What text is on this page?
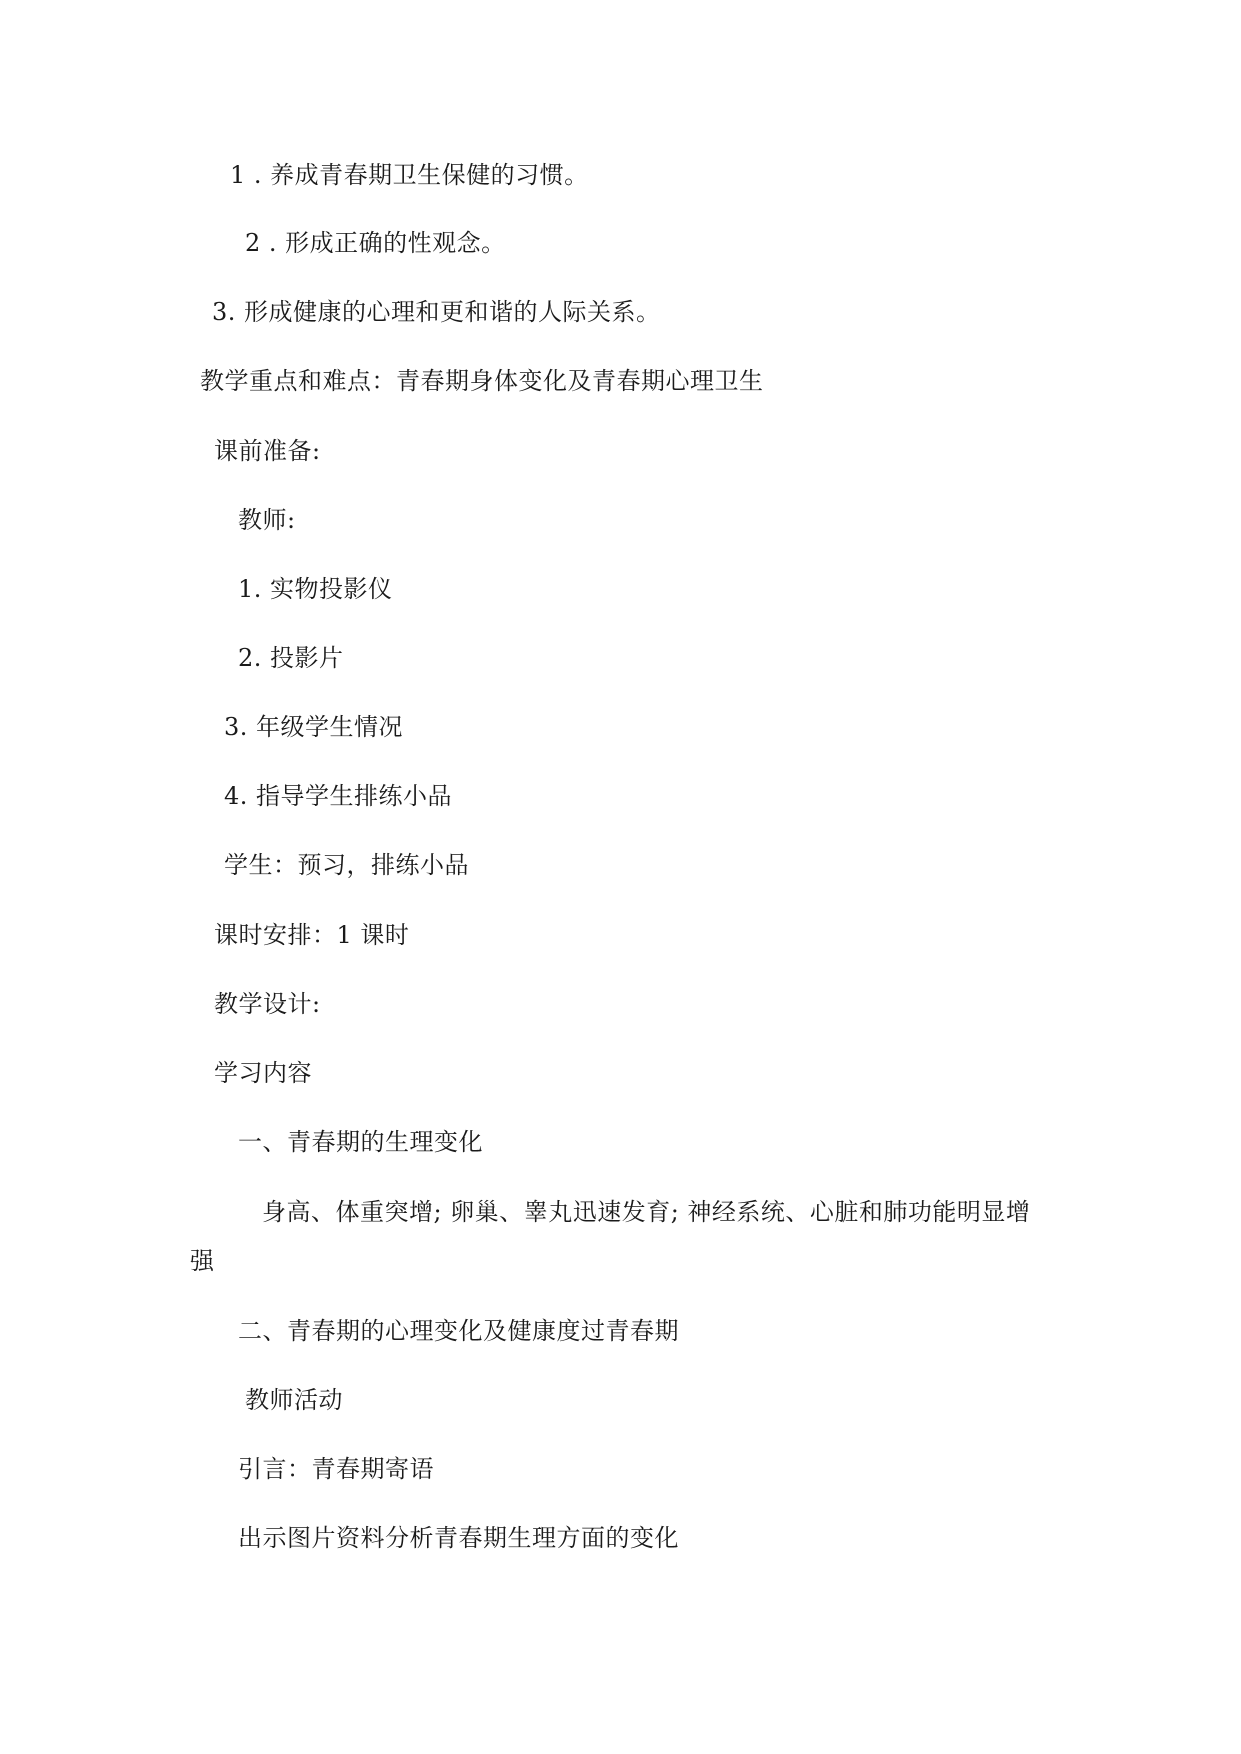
1 . 养成青春期卫生保健的习惯。
2 . 形成正确的性观念。
3. 形成健康的心理和更和谐的人际关系。
教学重点和难点：青春期身体变化及青春期心理卫生
课前准备:
教师:
1. 实物投影仪
2. 投影片
3. 年级学生情况
4. 指导学生排练小品
学生：预习，排练小品
课时安排：1 课时
教学设计:
学习内容
一、青春期的生理变化
身高、体重突增; 卵巢、睾丸迅速发育; 神经系统、心脏和肺功能明显增
强
二、青春期的心理变化及健康度过青春期
教师活动
引言：青春期寄语
出示图片资料分析青春期生理方面的变化
